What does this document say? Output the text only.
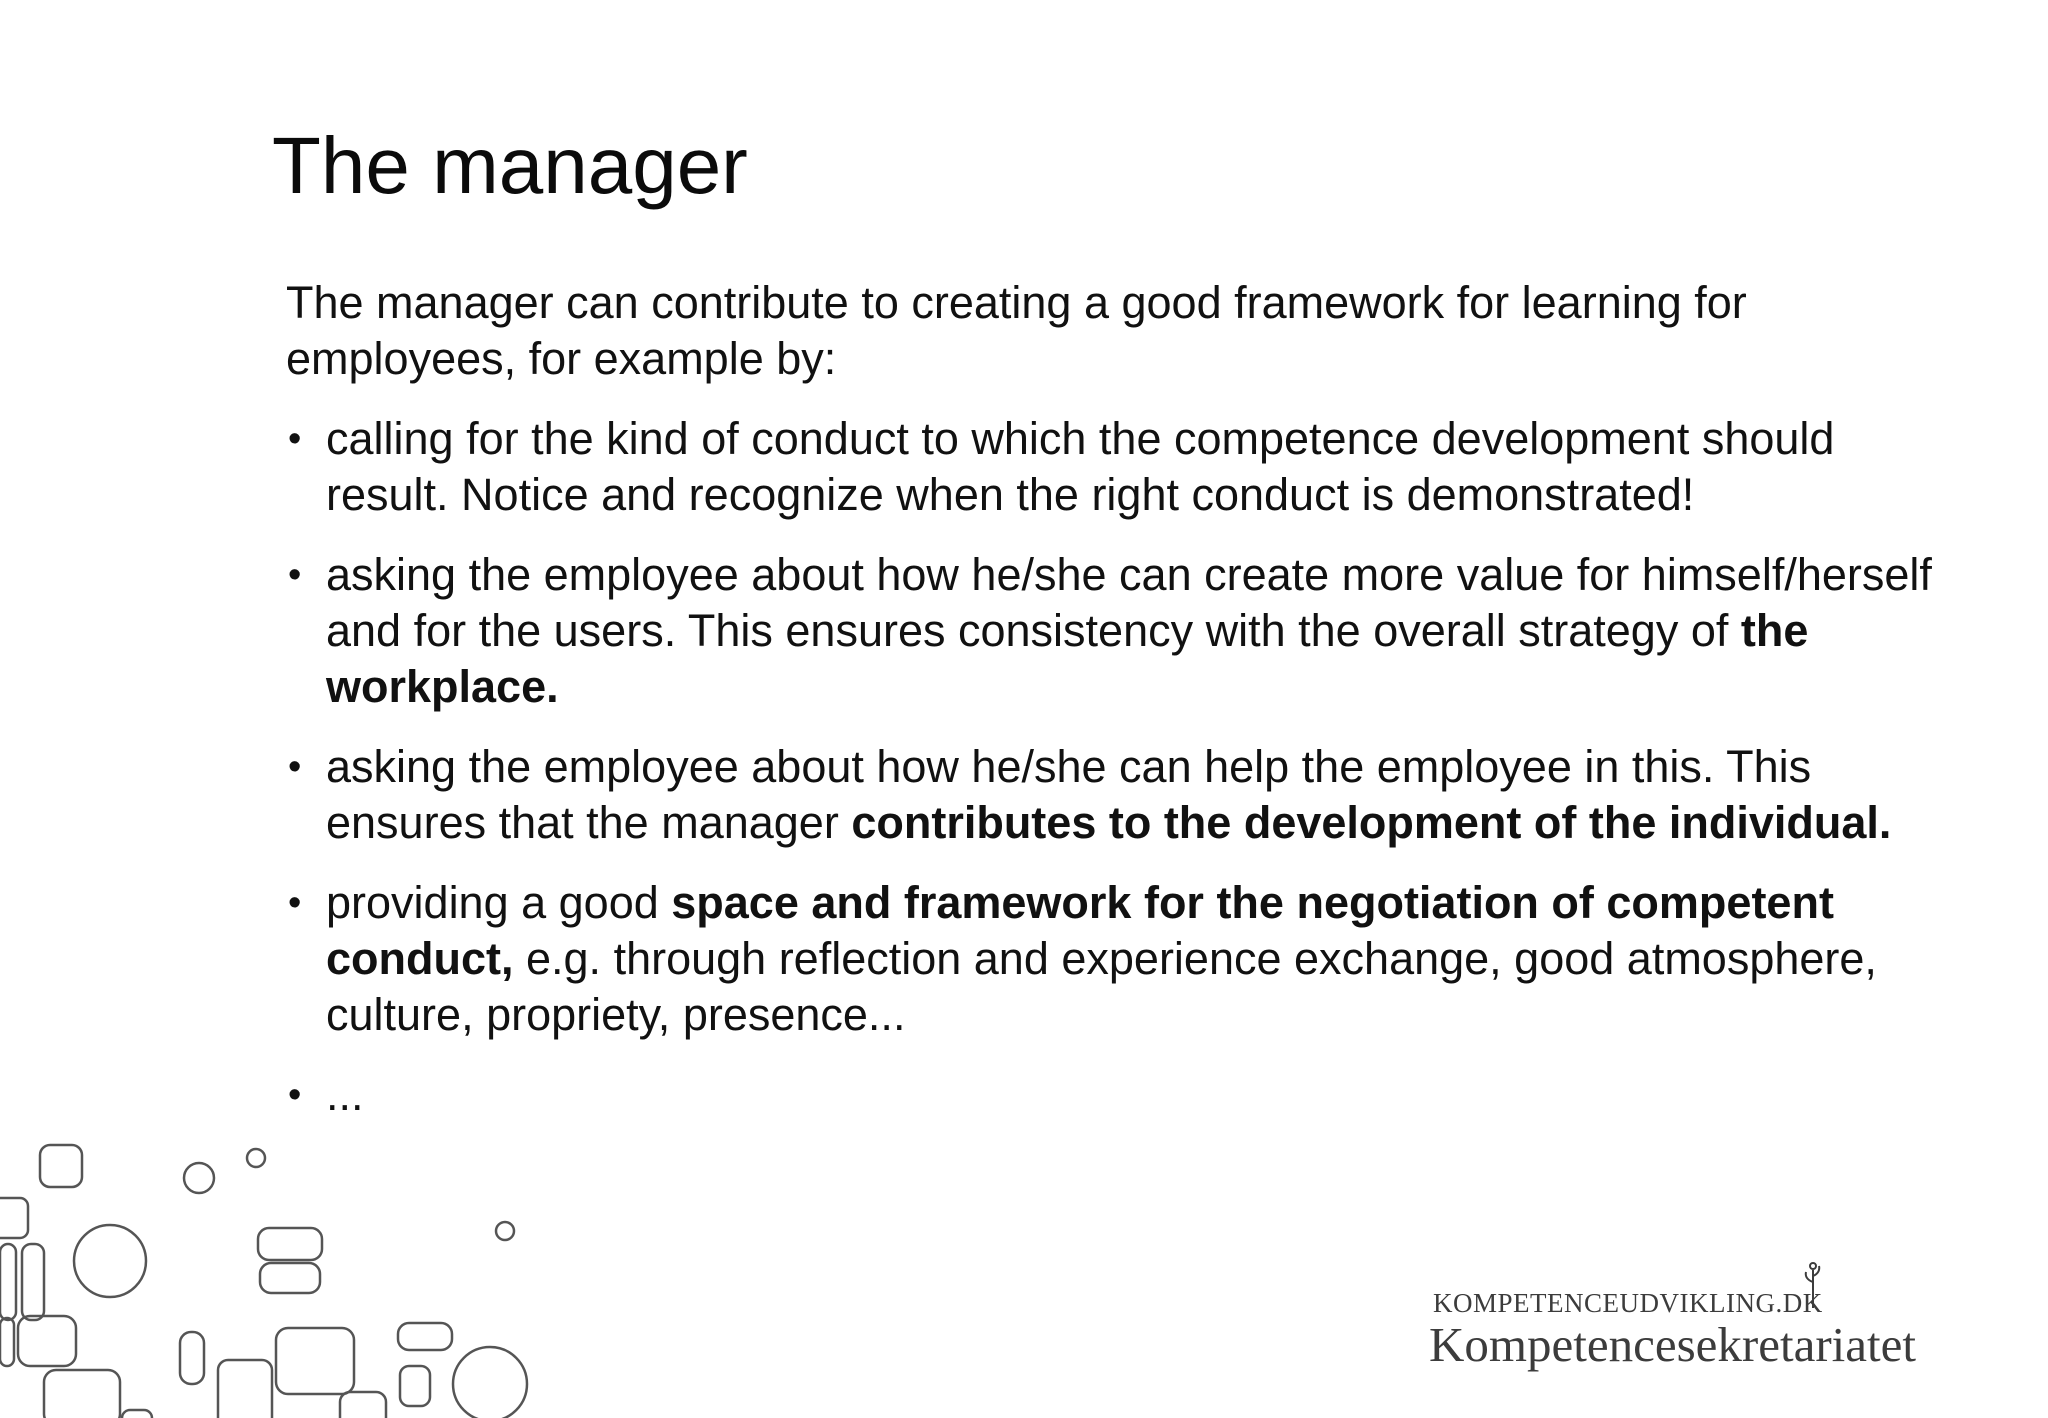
The manager

The manager can contribute to creating a good framework for learning for employees, for example by:

• calling for the kind of conduct to which the competence development should result. Notice and recognize when the right conduct is demonstrated!
• asking the employee about how he/she can create more value for himself/herself and for the users. This ensures consistency with the overall strategy of the workplace.
• asking the employee about how he/she can help the employee in this. This ensures that the manager contributes to the development of the individual.
• providing a good space and framework for the negotiation of competent conduct, e.g. through reflection and experience exchange, good atmosphere, culture, propriety, presence...
• ...
KOMPETENCEUDVIKLING.DK
Kompetencesekretariatet
